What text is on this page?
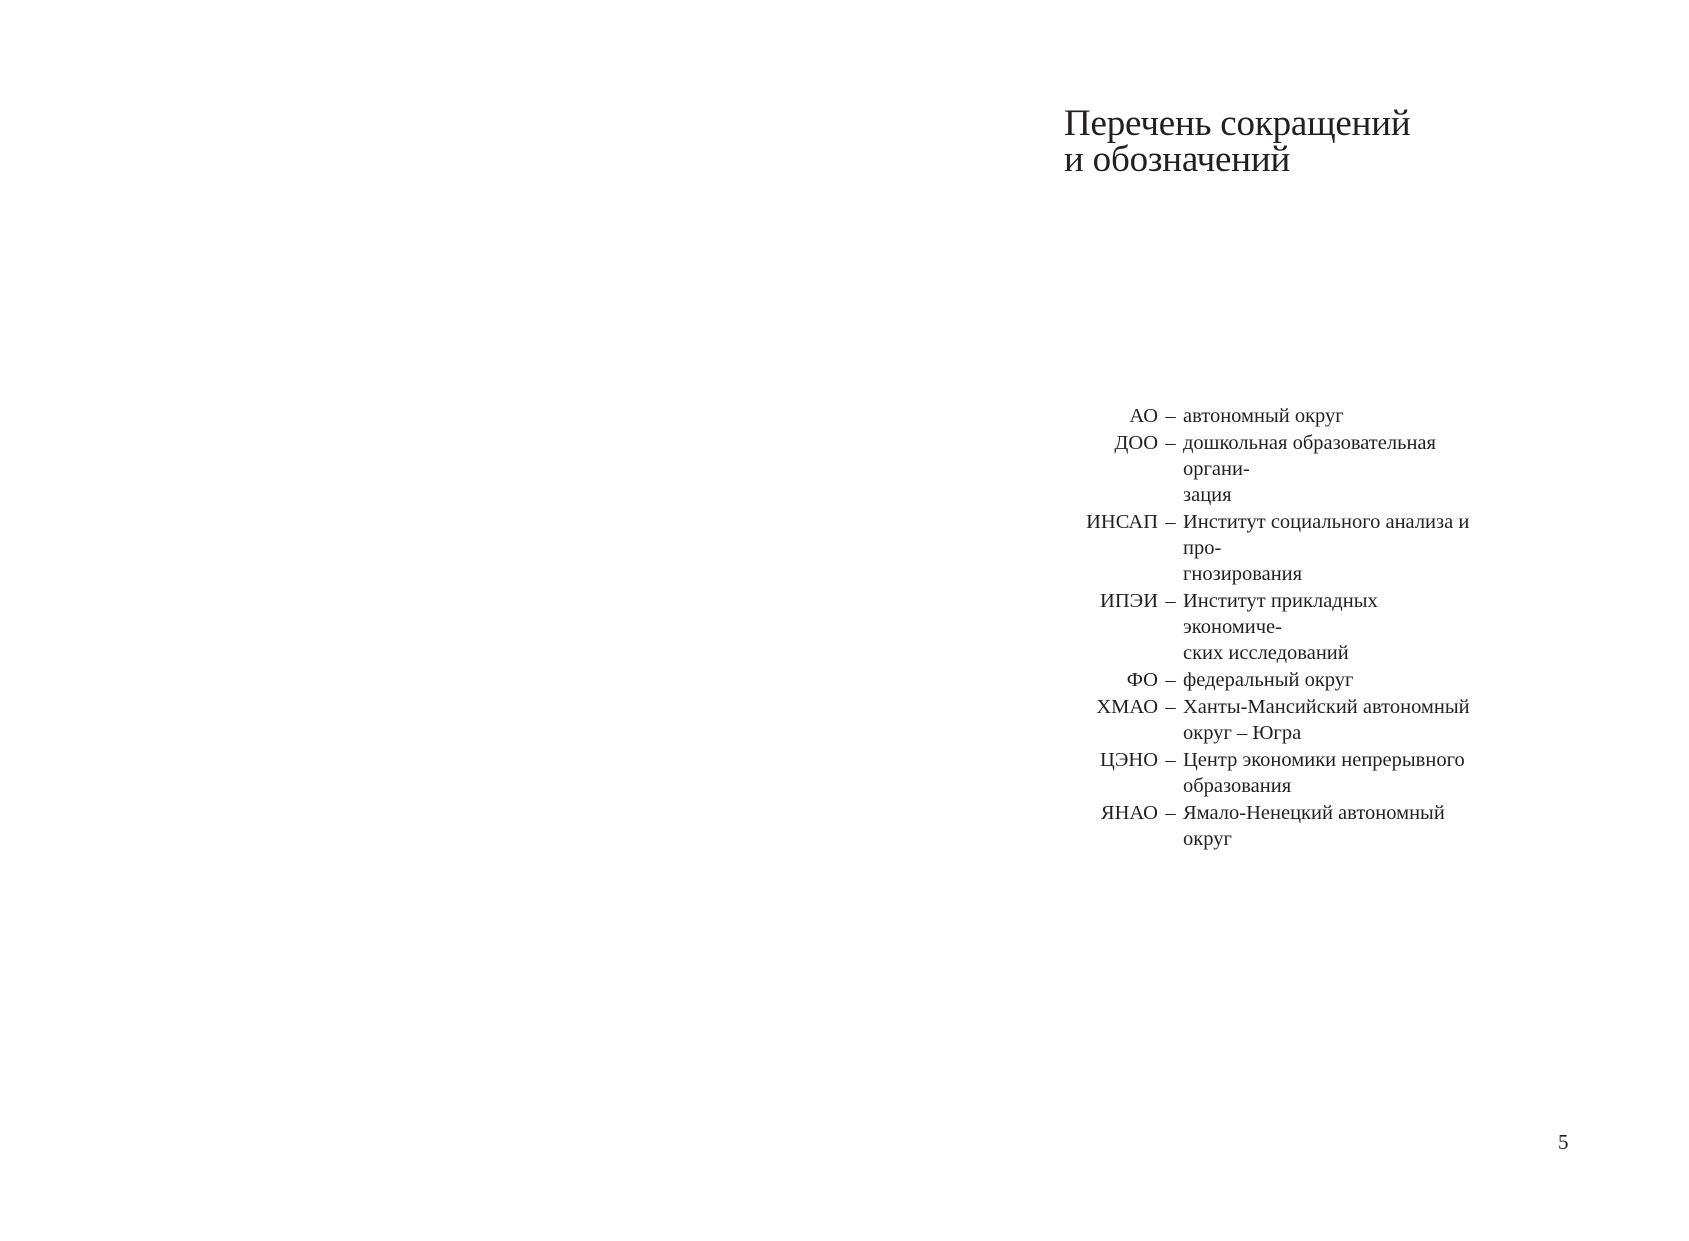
Перечень сокращений
и обозначений
АО – автономный округ
ДОО – дошкольная образовательная органи-
зация
ИНСАП – Институт социального анализа и про-
гнозирования
ИПЭИ – Институт прикладных экономиче-
ских исследований
ФО – федеральный округ
ХМАО – Ханты-Мансийский автономный
округ – Югра
ЦЭНО – Центр экономики непрерывного
образования
ЯНАО – Ямало-Ненецкий автономный округ
5
